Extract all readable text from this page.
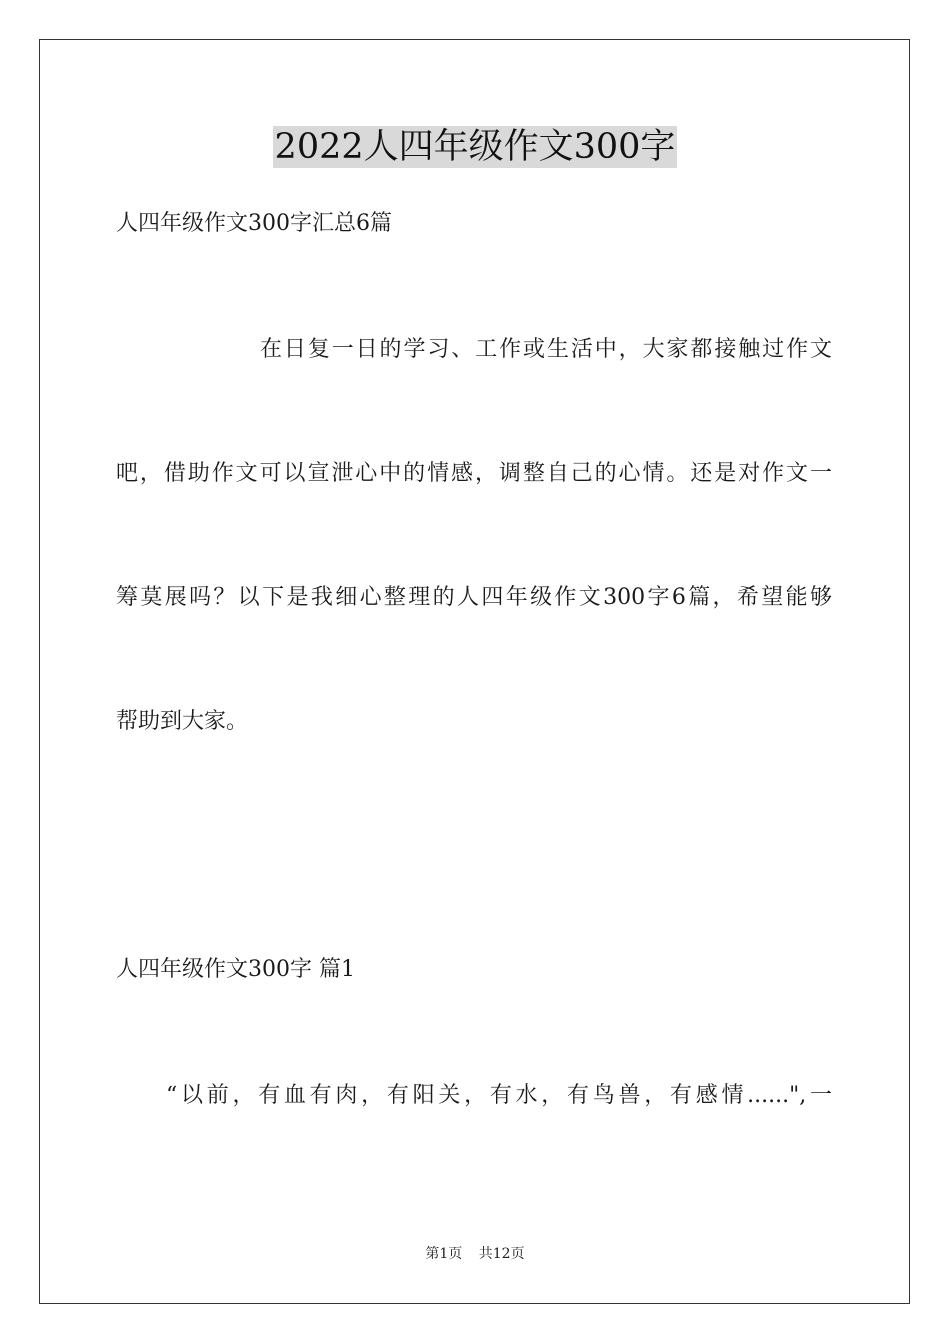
2022人四年级作文300字
人四年级作文300字汇总6篇
在日复一日的学习、工作或生活中，大家都接触过作文
吧，借助作文可以宣泄心中的情感，调整自己的心情。还是对作文一
筹莫展吗？以下是我细心整理的人四年级作文300字6篇，希望能够
帮助到大家。
人四年级作文300字 篇1
“以前，有血有肉，有阳关，有水，有鸟兽，有感情......",一
第1页 共12页
